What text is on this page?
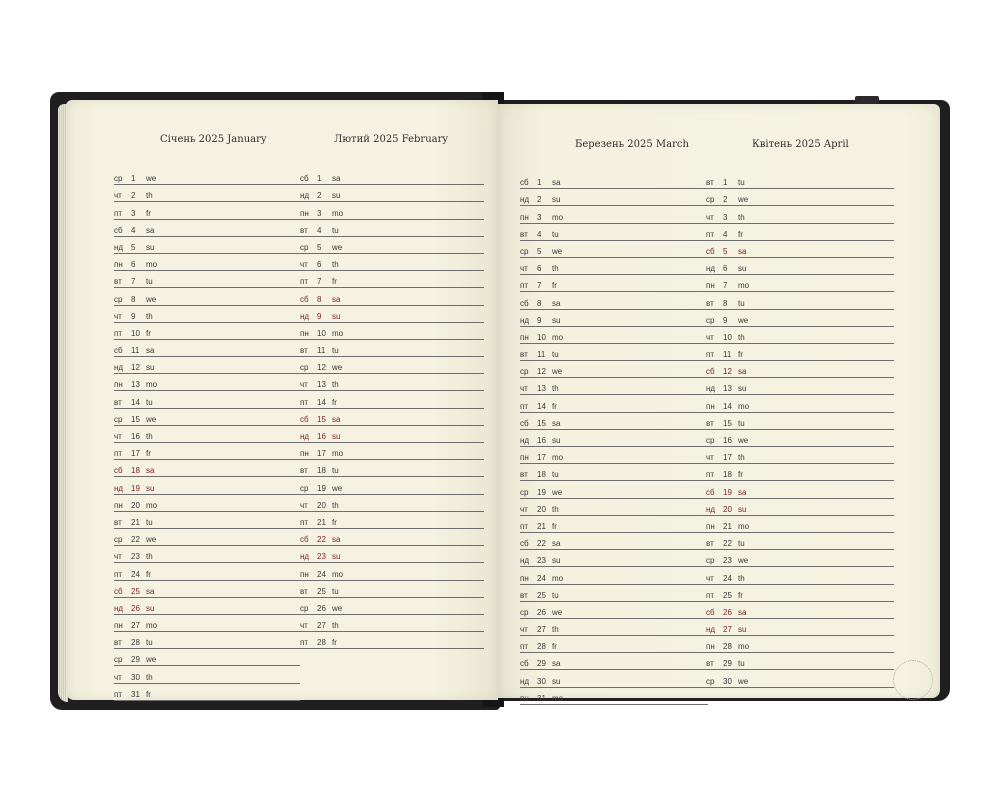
Січень 2025 January	Лютий 2025 February	Березень 2025 March	Квітень 2025 April
ср 1	we
чт 2	th
пт 3	fr
сб 4	sa
нд 5	su
пн 6	mo
вт 7	tu
ср 8	we
чт 9	th
пт 10 fr
сб 11 sa
нд 12 su
пн 13 mo
вт 14 tu
ср 15 we
чт 16 th
пт 17 fr
сб 18 sa
нд 19 su
пн 20 mo
вт 21 tu
ср 22 we
чт 23 th
пт 24 fr
сб 25 sa
нд 26 su
пн 27 mo
вт 28 tu
ср 29 we
чт 30 th
пт 31 fr
сб 1	sa
нд 2	su
пн 3	mo
вт 4	tu
ср 5	we
чт 6	th
пт 7	fr
сб 8	sa
нд 9	su
пн 10 mo
вт 11 tu
ср 12 we
чт 13 th
пт 14 fr
сб 15 sa
нд 16 su
пн 17 mo
вт 18 tu
ср 19 we
чт 20 th
пт 21 fr
сб 22 sa
нд 23 su
пн 24 mo
вт 25 tu
ср 26 we
чт 27 th
пт 28 fr
сб 1	sa
нд 2	su
пн 3	mo
вт 4	tu
ср 5	we
чт 6	th
пт 7	fr
сб 8	sa
нд 9	su
пн 10 mo
вт 11 tu
ср 12 we
чт 13 th
пт 14 fr
сб 15 sa
нд 16 su
пн 17 mo
вт 18 tu
ср 19 we
чт 20 th
пт 21 fr
сб 22 sa
нд 23 su
пн 24 mo
вт 25 tu
ср 26 we
чт 27 th
пт 28 fr
сб 29 sa
нд 30 su
пн 31 mo
вт 1	tu
ср 2	we
чт 3	th
пт 4	fr
сб 5	sa
нд 6	su
пн 7	mo
вт 8	tu
ср 9	we
чт 10 th
пт 11 fr
сб 12 sa
нд 13 su
пн 14 mo
вт 15 tu
ср 16 we
чт 17 th
пт 18 fr
сб 19 sa
нд 20 su
пн 21 mo
вт 22 tu
ср 23 we
чт 24 th
пт 25 fr
сб 26 sa
нд 27 su
пн 28 mo
вт 29 tu
ср 30 we
